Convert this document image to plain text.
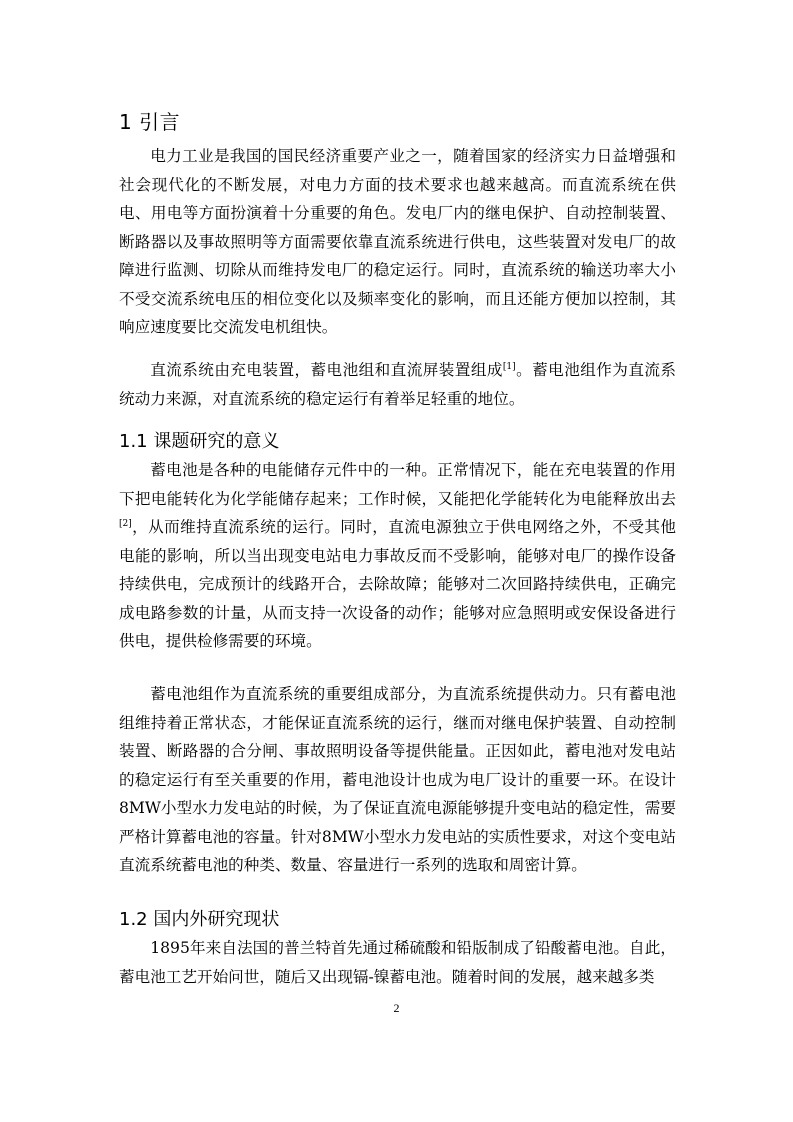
1 引言

电力工业是我国的国民经济重要产业之一，随着国家的经济实力日益增强和社会现代化的不断发展，对电力方面的技术要求也越来越高。而直流系统在供电、用电等方面扮演着十分重要的角色。发电厂内的继电保护、自动控制装置、断路器以及事故照明等方面需要依靠直流系统进行供电，这些装置对发电厂的故障进行监测、切除从而维持发电厂的稳定运行。同时，直流系统的输送功率大小不受交流系统电压的相位变化以及频率变化的影响，而且还能方便加以控制，其响应速度要比交流发电机组快。

直流系统由充电装置，蓄电池组和直流屏装置组成[1]。蓄电池组作为直流系统动力来源，对直流系统的稳定运行有着举足轻重的地位。

1.1 课题研究的意义

蓄电池是各种的电能储存元件中的一种。正常情况下，能在充电装置的作用下把电能转化为化学能储存起来；工作时候，又能把化学能转化为电能释放出去[2]，从而维持直流系统的运行。同时，直流电源独立于供电网络之外，不受其他电能的影响，所以当出现变电站电力事故反而不受影响，能够对电厂的操作设备持续供电，完成预计的线路开合，去除故障；能够对二次回路持续供电，正确完成电路参数的计量，从而支持一次设备的动作；能够对应急照明或安保设备进行供电，提供检修需要的环境。

蓄电池组作为直流系统的重要组成部分，为直流系统提供动力。只有蓄电池组维持着正常状态，才能保证直流系统的运行，继而对继电保护装置、自动控制装置、断路器的合分闸、事故照明设备等提供能量。正因如此，蓄电池对发电站的稳定运行有至关重要的作用，蓄电池设计也成为电厂设计的重要一环。在设计8MW小型水力发电站的时候，为了保证直流电源能够提升变电站的稳定性，需要严格计算蓄电池的容量。针对8MW小型水力发电站的实质性要求，对这个变电站直流系统蓄电池的种类、数量、容量进行一系列的选取和周密计算。

1.2 国内外研究现状

1895年来自法国的普兰特首先通过稀硫酸和铅版制成了铅酸蓄电池。自此，蓄电池工艺开始问世，随后又出现镉-镍蓄电池。随着时间的发展，越来越多类

2
